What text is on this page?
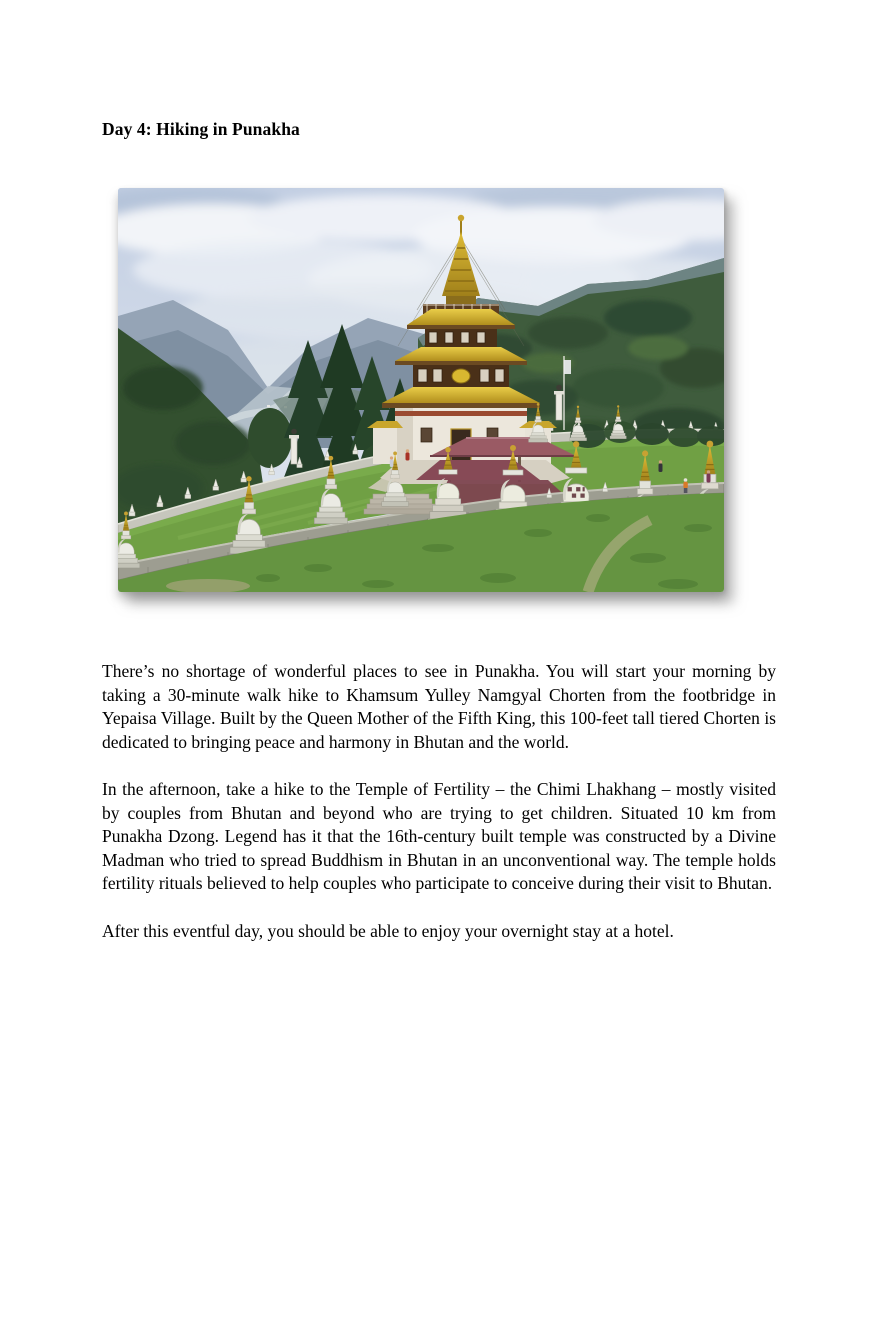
Day 4: Hiking in Punakha

There’s no shortage of wonderful places to see in Punakha. You will start your morning by taking a 30-minute walk hike to Khamsum Yulley Namgyal Chorten from the footbridge in Yepaisa Village. Built by the Queen Mother of the Fifth King, this 100-feet tall tiered Chorten is dedicated to bringing peace and harmony in Bhutan and the world.

In the afternoon, take a hike to the Temple of Fertility – the Chimi Lhakhang – mostly visited by couples from Bhutan and beyond who are trying to get children. Situated 10 km from Punakha Dzong. Legend has it that the 16th-century built temple was constructed by a Divine Madman who tried to spread Buddhism in Bhutan in an unconventional way. The temple holds fertility rituals believed to help couples who participate to conceive during their visit to Bhutan.

After this eventful day, you should be able to enjoy your overnight stay at a hotel.
